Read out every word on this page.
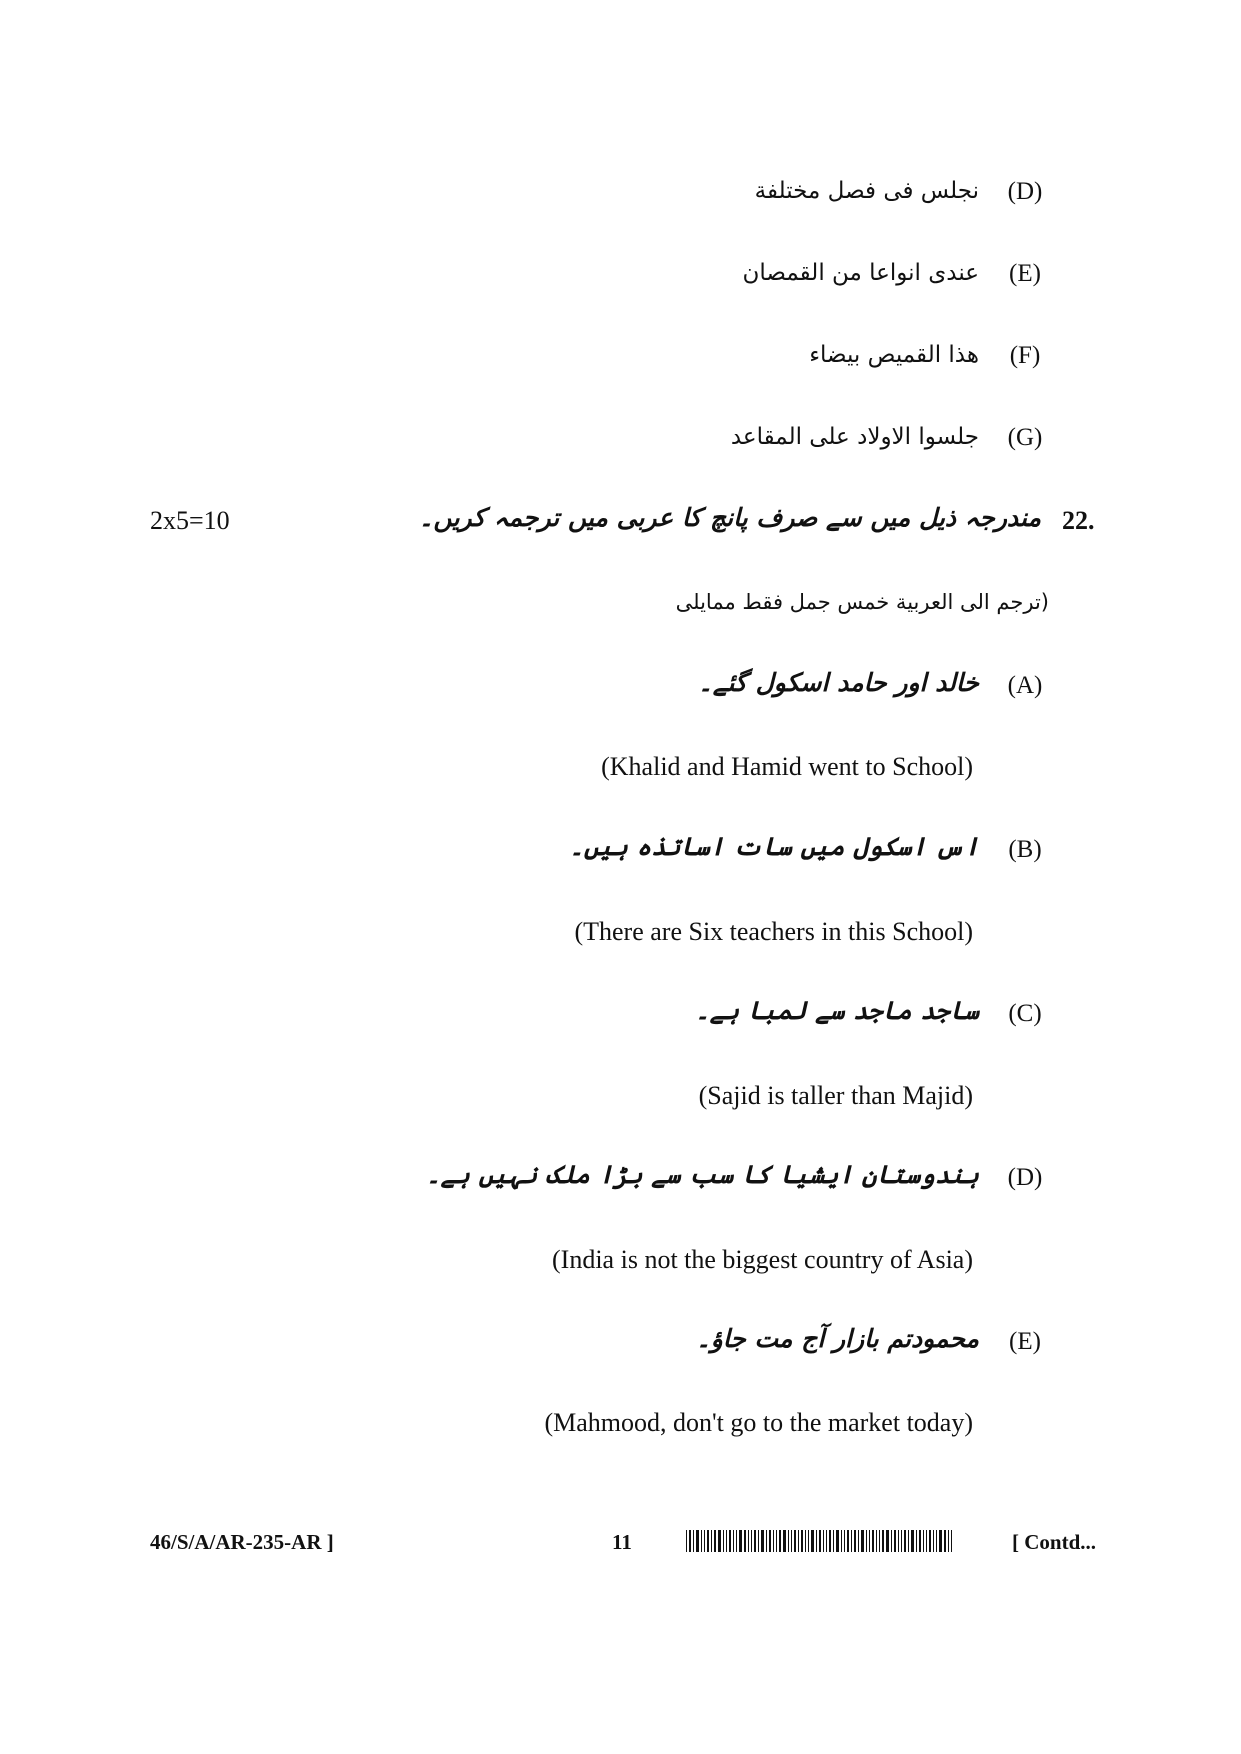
(D)
نجلس فى فصل مختلفة
(E)
عندى انواعا من القمصان
(F)
هذا القميص بيضاء
(G)
جلسوا الاولاد على المقاعد
2x5=10	22.
مندرجہ ذیل میں سے صرف پانچ کا عربی میں ترجمہ کریں۔
(ترجم الى العربية خمس جمل فقط ممايلى
(A)
خالد اور حامد اسکول گئے۔
(Khalid and Hamid went to School)
(B)
اس اسکول میں سات اساتذہ ہیں۔
(There are Six teachers in this School)
(C)
ساجد ماجد سے لمبا ہے۔
(Sajid is taller than Majid)
(D)
ہندوستان ایشیا کا سب سے بڑا ملک نہیں ہے۔
(India is not the biggest country of Asia)
(E)
محمودتم بازار آج مت جاؤ۔
(Mahmood, don't go to the market today)
46/S/A/AR-235-AR ]	11	[ Contd...
